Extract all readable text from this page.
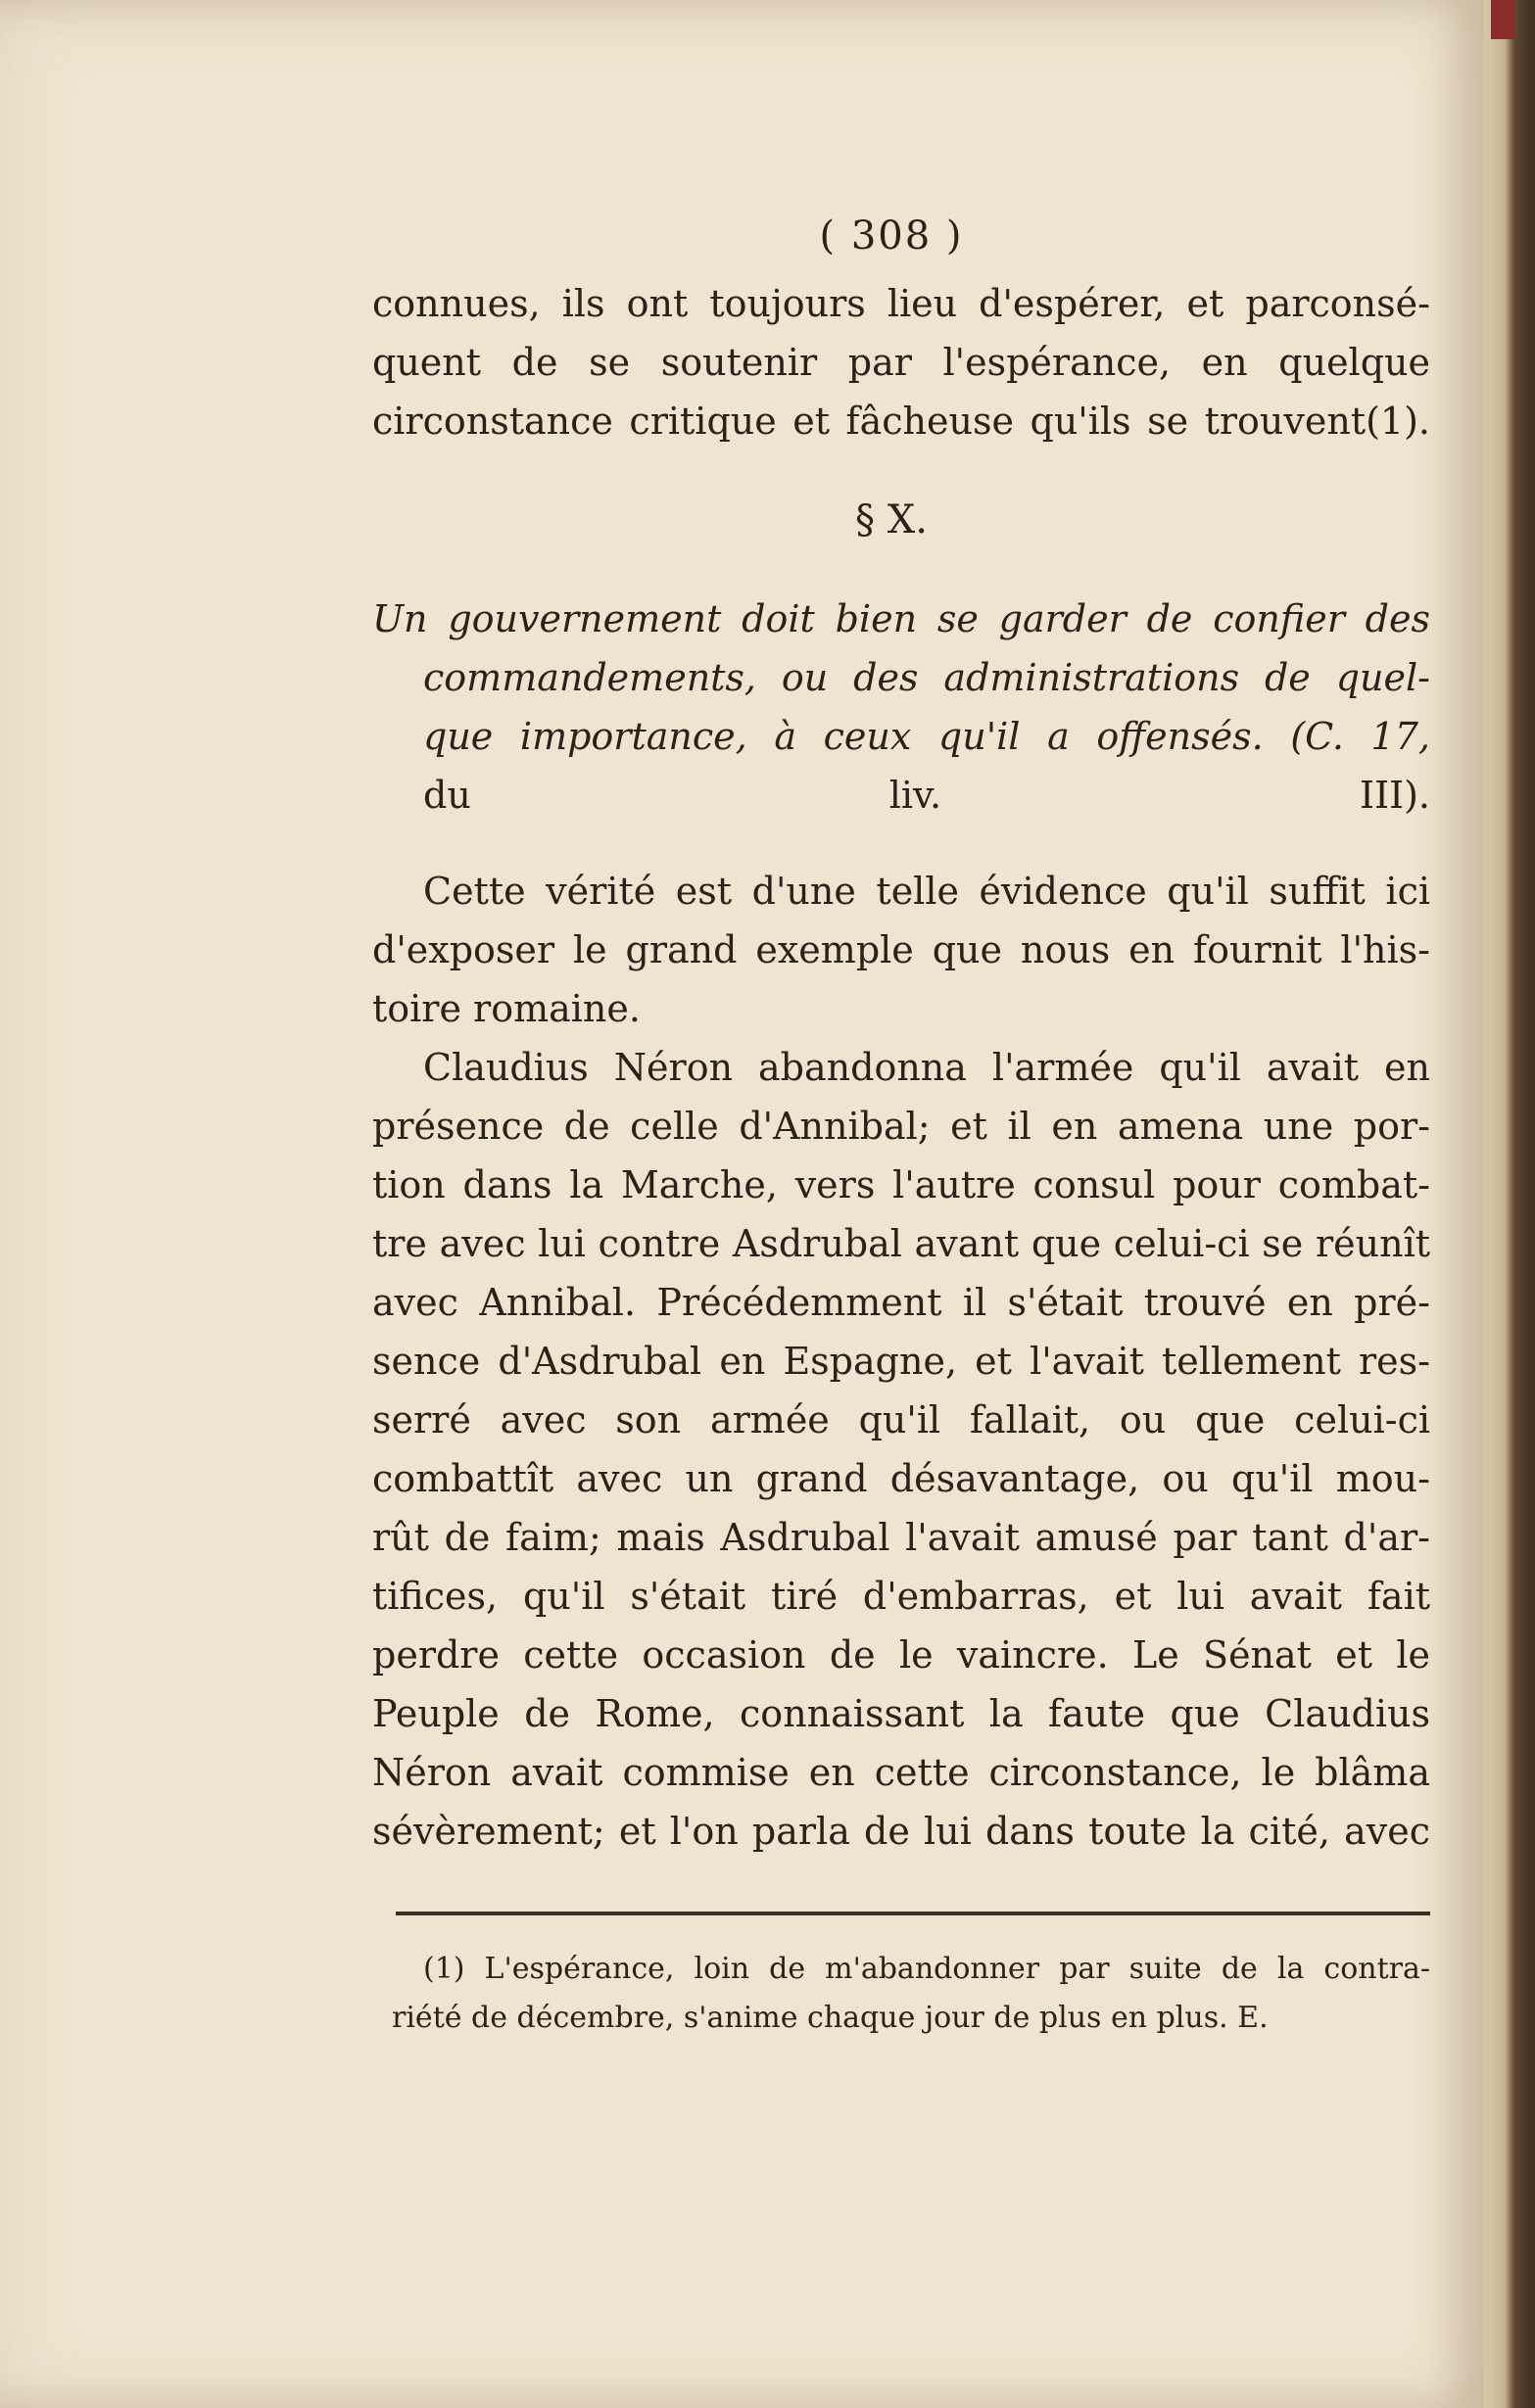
( 308 )
connues, ils ont toujours lieu d'espérer, et parconsé-
quent de se soutenir par l'espérance, en quelque
circonstance critique et fâcheuse qu'ils se trouvent(1).
§ X.
Un gouvernement doit bien se garder de confier des
commandements, ou des administrations de quel-
que importance, à ceux qu'il a offensés. (C. 17,
du liv. III).
Cette vérité est d'une telle évidence qu'il suffit ici
d'exposer le grand exemple que nous en fournit l'his-
toire romaine.
Claudius Néron abandonna l'armée qu'il avait en
présence de celle d'Annibal; et il en amena une por-
tion dans la Marche, vers l'autre consul pour combat-
tre avec lui contre Asdrubal avant que celui-ci se réunît
avec Annibal. Précédemment il s'était trouvé en pré-
sence d'Asdrubal en Espagne, et l'avait tellement res-
serré avec son armée qu'il fallait, ou que celui-ci
combattît avec un grand désavantage, ou qu'il mou-
rût de faim; mais Asdrubal l'avait amusé par tant d'ar-
tifices, qu'il s'était tiré d'embarras, et lui avait fait
perdre cette occasion de le vaincre. Le Sénat et le
Peuple de Rome, connaissant la faute que Claudius
Néron avait commise en cette circonstance, le blâma
sévèrement; et l'on parla de lui dans toute la cité, avec
(1) L'espérance, loin de m'abandonner par suite de la contra-
riété de décembre, s'anime chaque jour de plus en plus. E.
